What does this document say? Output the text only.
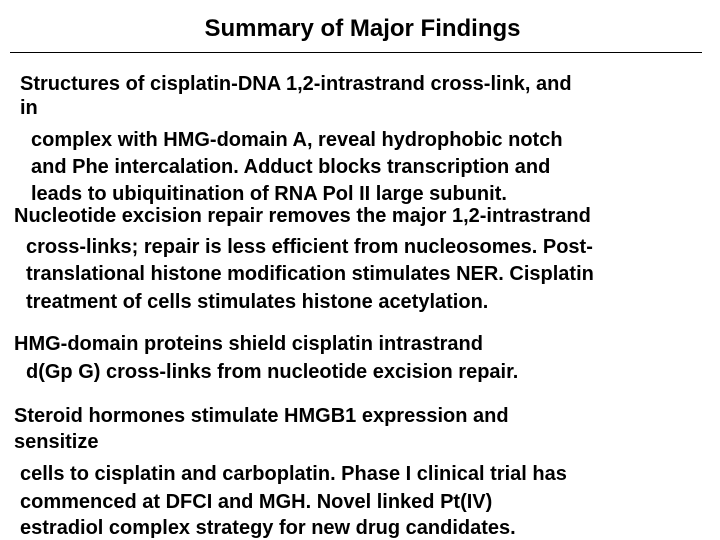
Summary of Major Findings
Structures of cisplatin-DNA 1,2-intrastrand cross-link, and
in
complex with HMG-domain A, reveal hydrophobic notch
and Phe intercalation. Adduct blocks transcription and
leads to ubiquitination of RNA Pol II large subunit.
Nucleotide excision repair removes the major 1,2-intrastrand
cross-links; repair is less efficient from nucleosomes. Post-
translational histone modification stimulates NER. Cisplatin
treatment of cells stimulates histone acetylation.
HMG-domain proteins shield cisplatin intrastrand
d(Gp G) cross-links from nucleotide excision repair.
Steroid hormones stimulate HMGB1 expression and
sensitize
cells to cisplatin and carboplatin. Phase I clinical trial has
commenced at DFCI and MGH. Novel linked Pt(IV)
estradiol complex strategy for new drug candidates.
